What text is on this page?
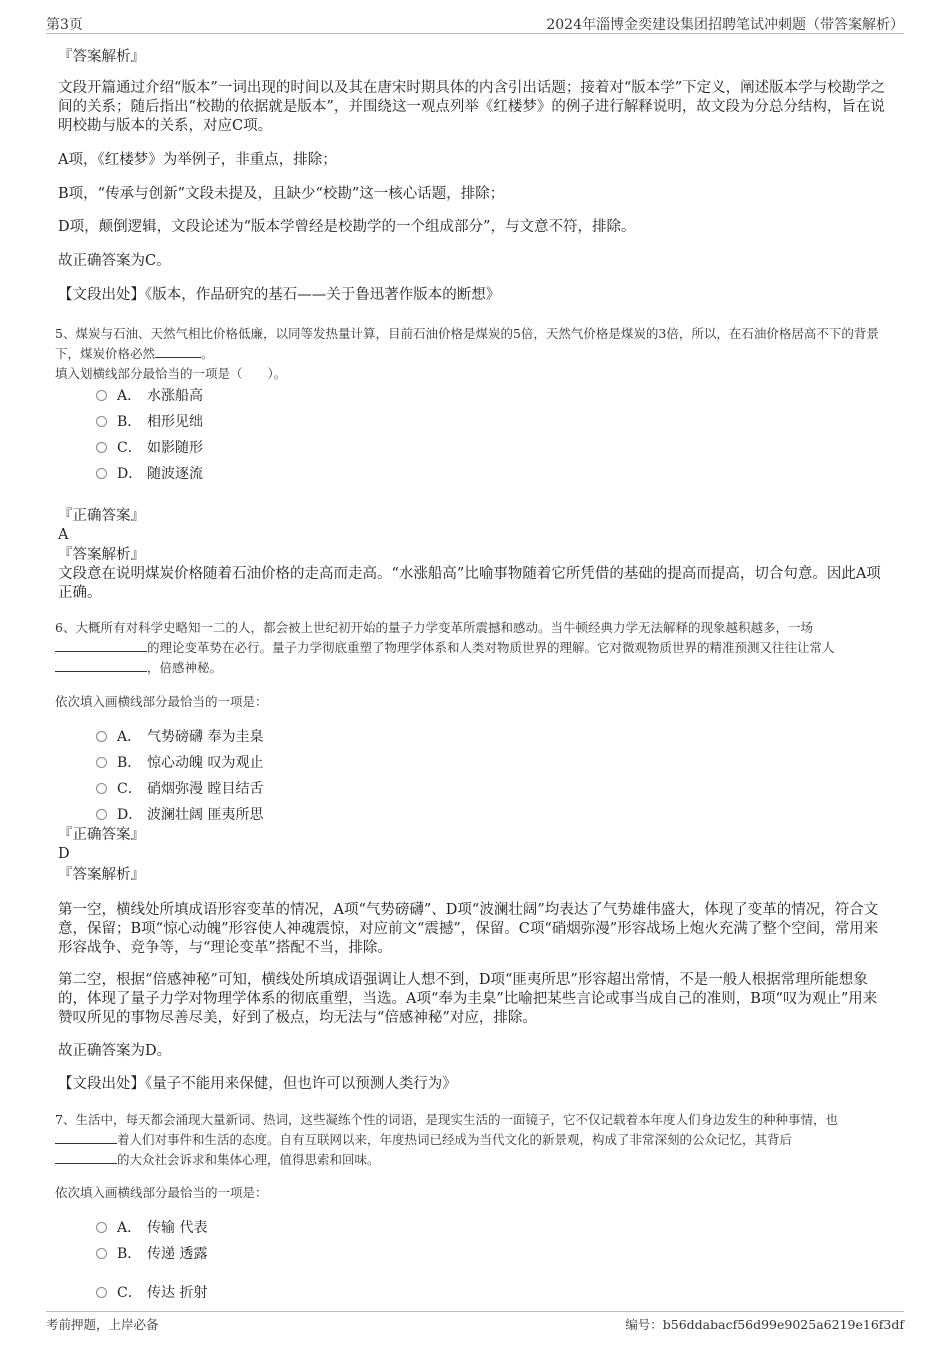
第3页	2024年淄博金奕建设集团招聘笔试冲刺题（带答案解析）
『答案解析』
文段开篇通过介绍“版本”一词出现的时间以及其在唐宋时期具体的内含引出话题；接着对“版本学”下定义，阐述版本学与校勘学之间的关系；随后指出“校勘的依据就是版本”，并围绕这一观点列举《红楼梦》的例子进行解释说明，故文段为分总分结构，旨在说明校勘与版本的关系，对应C项。
A项，《红楼梦》为举例子，非重点，排除；
B项，“传承与创新”文段未提及，且缺少“校勘”这一核心话题，排除；
D项，颠倒逻辑，文段论述为“版本学曾经是校勘学的一个组成部分”，与文意不符，排除。
故正确答案为C。
【文段出处】《版本，作品研究的基石——关于鲁迅著作版本的断想》
5、煤炭与石油、天然气相比价格低廉，以同等发热量计算，目前石油价格是煤炭的5倍，天然气价格是煤炭的3倍，所以，在石油价格居高不下的背景下，煤炭价格必然	。
填入划横线部分最恰当的一项是（　　）。
A． 水涨船高
B． 相形见绌
C． 如影随形
D． 随波逐流
『正确答案』
A
『答案解析』
文段意在说明煤炭价格随着石油价格的走高而走高。“水涨船高”比喻事物随着它所凭借的基础的提高而提高，切合句意。因此A项正确。
6、大概所有对科学史略知一二的人，都会被上世纪初开始的量子力学变革所震撼和感动。当牛顿经典力学无法解释的现象越积越多，一场
的理论变革势在必行。量子力学彻底重塑了物理学体系和人类对物质世界的理解。它对微观物质世界的精准预测又往往让常人
，倍感神秘。
依次填入画横线部分最恰当的一项是：
A． 气势磅礴 奉为圭臬
B． 惊心动魄 叹为观止
C． 硝烟弥漫 瞠目结舌
D． 波澜壮阔 匪夷所思
『正确答案』
D
『答案解析』
第一空，横线处所填成语形容变革的情况，A项“气势磅礴”、D项“波澜壮阔”均表达了气势雄伟盛大，体现了变革的情况，符合文意，保留；B项“惊心动魄”形容使人神魂震惊，对应前文“震撼”，保留。C项“硝烟弥漫”形容战场上炮火充满了整个空间，常用来形容战争、竞争等，与“理论变革”搭配不当，排除。
第二空，根据“倍感神秘”可知，横线处所填成语强调让人想不到，D项“匪夷所思”形容超出常情，不是一般人根据常理所能想象的，体现了量子力学对物理学体系的彻底重塑，当选。A项“奉为圭臬”比喻把某些言论或事当成自己的准则，B项“叹为观止”用来赞叹所见的事物尽善尽美，好到了极点，均无法与“倍感神秘”对应，排除。
故正确答案为D。
【文段出处】《量子不能用来保健，但也许可以预测人类行为》
7、生活中，每天都会涌现大量新词、热词，这些凝练个性的词语，是现实生活的一面镜子，它不仅记载着本年度人们身边发生的种种事情，也
着人们对事件和生活的态度。自有互联网以来，年度热词已经成为当代文化的新景观，构成了非常深刻的公众记忆，其背后
的大众社会诉求和集体心理，值得思索和回味。
依次填入画横线部分最恰当的一项是：
A． 传输 代表
B． 传递 透露
C． 传达 折射
考前押题，上岸必备	编号：b56ddabacf56d99e9025a6219e16f3df
